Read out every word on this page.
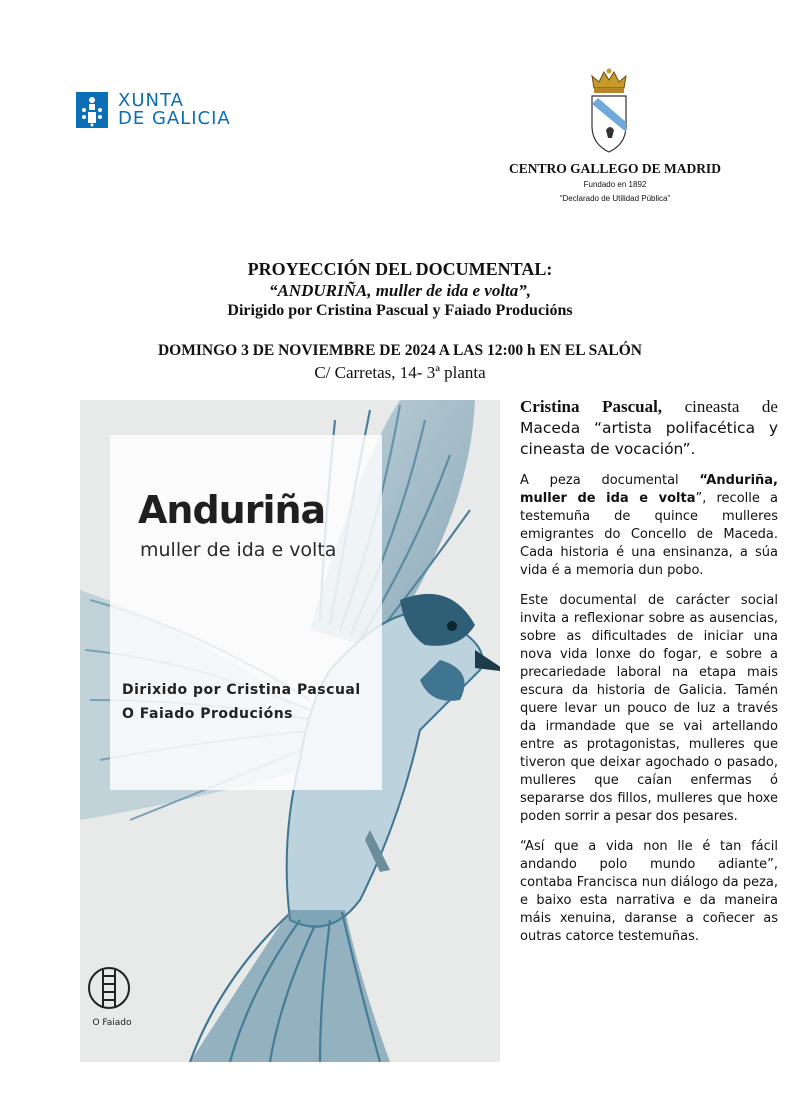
XUNTA
DE GALICIA
CENTRO GALLEGO DE MADRID
Fundado en 1892
“Declarado de Utilidad Pública”
PROYECCIÓN DEL DOCUMENTAL:
“ANDURIÑA, muller de ida e volta”,
Dirigido por Cristina Pascual y Faiado Producións
DOMINGO 3 DE NOVIEMBRE DE 2024 A LAS 12:00 h EN EL SALÓN
C/ Carretas, 14- 3ª planta
Anduriña
muller de ida e volta
Dirixido por Cristina Pascual
O Faiado Producións
O Faiado

Cristina Pascual, cineasta de Maceda “artista polifacética y cineasta de vocación”.

A peza documental “Anduriña, muller de ida e volta”, recolle a testemuña de quince mulleres emigrantes do Concello de Maceda. Cada historia é una ensinanza, a súa vida é a memoria dun pobo.

Este documental de carácter social invita a reflexionar sobre as ausencias, sobre as dificultades de iniciar una nova vida lonxe do fogar, e sobre a precariedade laboral na etapa mais escura da historia de Galicia. Tamén quere levar un pouco de luz a través da irmandade que se vai artellando entre as protagonistas, mulleres que tiveron que deixar agochado o pasado, mulleres que caían enfermas ó separarse dos fillos, mulleres que hoxe poden sorrir a pesar dos pesares.

“Así que a vida non lle é tan fácil andando polo mundo adiante”, contaba Francisca nun diálogo da peza, e baixo esta narrativa e da maneira máis xenuina, daranse a coñecer as outras catorce testemuñas.
